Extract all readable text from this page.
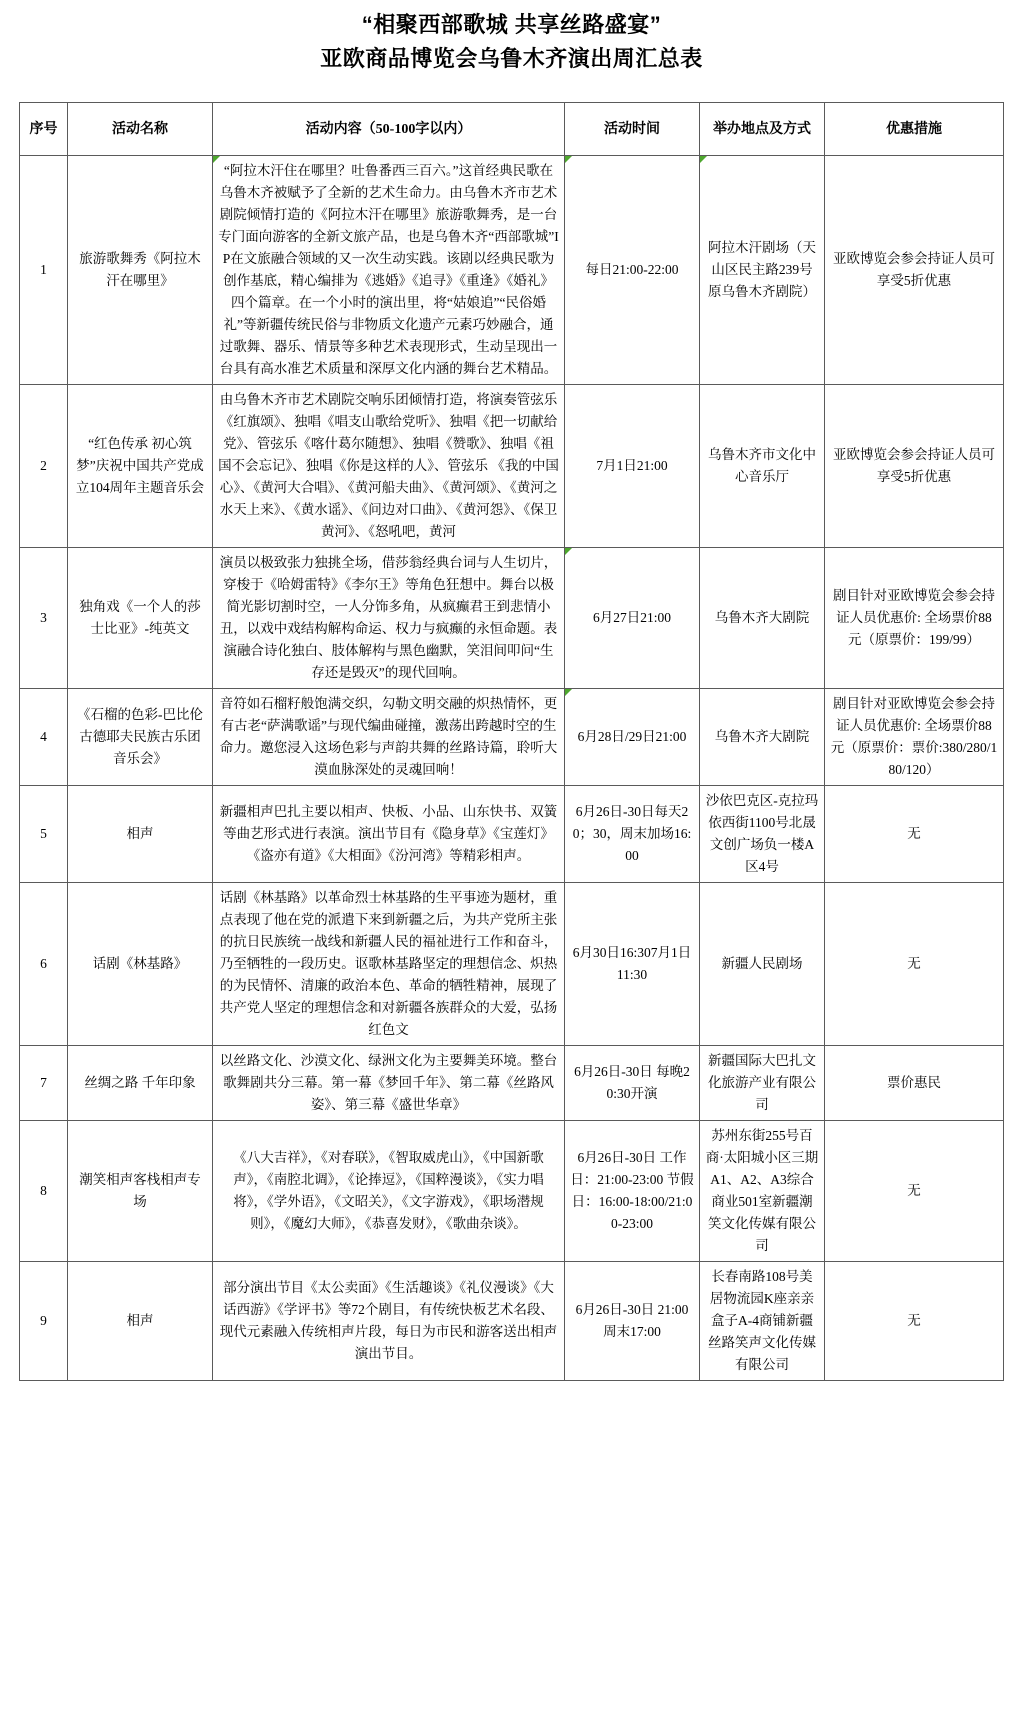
“相聚西部歌城 共享丝路盛宴”
亚欧商品博览会乌鲁木齐演出周汇总表
序号	活动名称	活动内容（50-100字以内）	活动时间	举办地点及方式	优惠措施
1	旅游歌舞秀《阿拉木汗在哪里》	“阿拉木汗住在哪里？吐鲁番西三百六。”这首经典民歌在乌鲁木齐被赋予了全新的艺术生命力。由乌鲁木齐市艺术剧院倾情打造的《阿拉木汗在哪里》旅游歌舞秀，是一台专门面向游客的全新文旅产品，也是乌鲁木齐“西部歌城”IP在文旅融合领域的又一次生动实践。该剧以经典民歌为创作基底，精心编排为《逃婚》《追寻》《重逢》《婚礼》四个篇章。在一个小时的演出里，将“姑娘追”“民俗婚礼”等新疆传统民俗与非物质文化遗产元素巧妙融合，通过歌舞、器乐、情景等多种艺术表现形式，生动呈现出一台具有高水准艺术质量和深厚文化内涵的舞台艺术精品。	每日21:00-22:00	阿拉木汗剧场（天山区民主路239号 原乌鲁木齐剧院）	亚欧博览会参会持证人员可享受5折优惠
2	“红色传承 初心筑梦”庆祝中国共产党成立104周年主题音乐会	由乌鲁木齐市艺术剧院交响乐团倾情打造，将演奏管弦乐 《红旗颂》、独唱《唱支山歌给党听》、独唱《把一切献给党》、管弦乐《喀什葛尔随想》、独唱《赞歌》、独唱《祖国不会忘记》、独唱《你是这样的人》、管弦乐 《我的中国心》、《黄河大合唱》、《黄河船夫曲》、《黄河颂》、《黄河之水天上来》、《黄水谣》、《问边对口曲》、《黄河怨》、《保卫黄河》、《怒吼吧，黄河	7月1日21:00	乌鲁木齐市文化中心音乐厅	亚欧博览会参会持证人员可享受5折优惠
3	独角戏《一个人的莎士比亚》-纯英文	演员以极致张力独挑全场，借莎翁经典台词与人生切片，穿梭于《哈姆雷特》《李尔王》等角色狂想中。舞台以极简光影切割时空，一人分饰多角，从疯癫君王到悲情小丑，以戏中戏结构解构命运、权力与疯癫的永恒命题。表演融合诗化独白、肢体解构与黑色幽默，笑泪间叩问“生存还是毁灭”的现代回响。	6月27日21:00	乌鲁木齐大剧院	剧目针对亚欧博览会参会持证人员优惠价: 全场票价88元（原票价：199/99）
4	《石榴的色彩-巴比伦古德耶夫民族古乐团音乐会》	音符如石榴籽般饱满交织，勾勒文明交融的炽热情怀，更有古老“萨满歌谣”与现代编曲碰撞，激荡出跨越时空的生命力。邀您浸入这场色彩与声韵共舞的丝路诗篇，聆听大漠血脉深处的灵魂回响！	6月28日/29日21:00	乌鲁木齐大剧院	剧目针对亚欧博览会参会持证人员优惠价: 全场票价88元（原票价：票价:380/280/180/120）
5	相声	新疆相声巴扎主要以相声、快板、小品、山东快书、双簧等曲艺形式进行表演。演出节目有《隐身草》《宝莲灯》《盗亦有道》《大相面》《汾河湾》等精彩相声。	6月26日-30日每天20；30，周末加场16:00	沙依巴克区-克拉玛依西街1100号北晟文创广场负一楼A区4号	无
6	话剧《林基路》	话剧《林基路》以革命烈士林基路的生平事迹为题材，重点表现了他在党的派遣下来到新疆之后，为共产党所主张的抗日民族统一战线和新疆人民的福祉进行工作和奋斗，乃至牺牲的一段历史。讴歌林基路坚定的理想信念、炽热的为民情怀、清廉的政治本色、革命的牺牲精神，展现了共产党人坚定的理想信念和对新疆各族群众的大爱，弘扬红色文	6月30日16:307月1日11:30	新疆人民剧场	无
7	丝绸之路 千年印象	以丝路文化、沙漠文化、绿洲文化为主要舞美环境。整台歌舞剧共分三幕。第一幕《梦回千年》、第二幕《丝路风姿》、第三幕《盛世华章》	6月26日-30日 每晚20:30开演	新疆国际大巴扎文化旅游产业有限公司	票价惠民
8	潮笑相声客栈相声专场	《八大吉祥》，《对春联》，《智取威虎山》，《中国新歌声》，《南腔北调》，《论捧逗》，《国粹漫谈》，《实力唱将》，《学外语》，《文昭关》，《文字游戏》，《职场潜规则》，《魔幻大师》，《恭喜发财》，《歌曲杂谈》。	6月26日-30日 工作日：21:00-23:00 节假日：16:00-18:00/21:00-23:00	苏州东街255号百商·太阳城小区三期A1、A2、A3综合商业501室新疆潮笑文化传媒有限公司	无
9	相声	部分演出节目《太公卖面》《生活趣谈》《礼仪漫谈》《大话西游》《学评书》等72个剧目，有传统快板艺术名段、现代元素融入传统相声片段，每日为市民和游客送出相声演出节目。	6月26日-30日 21:00 周末17:00	长春南路108号美居物流园K座亲亲盒子A-4商铺新疆丝路笑声文化传媒有限公司	无
